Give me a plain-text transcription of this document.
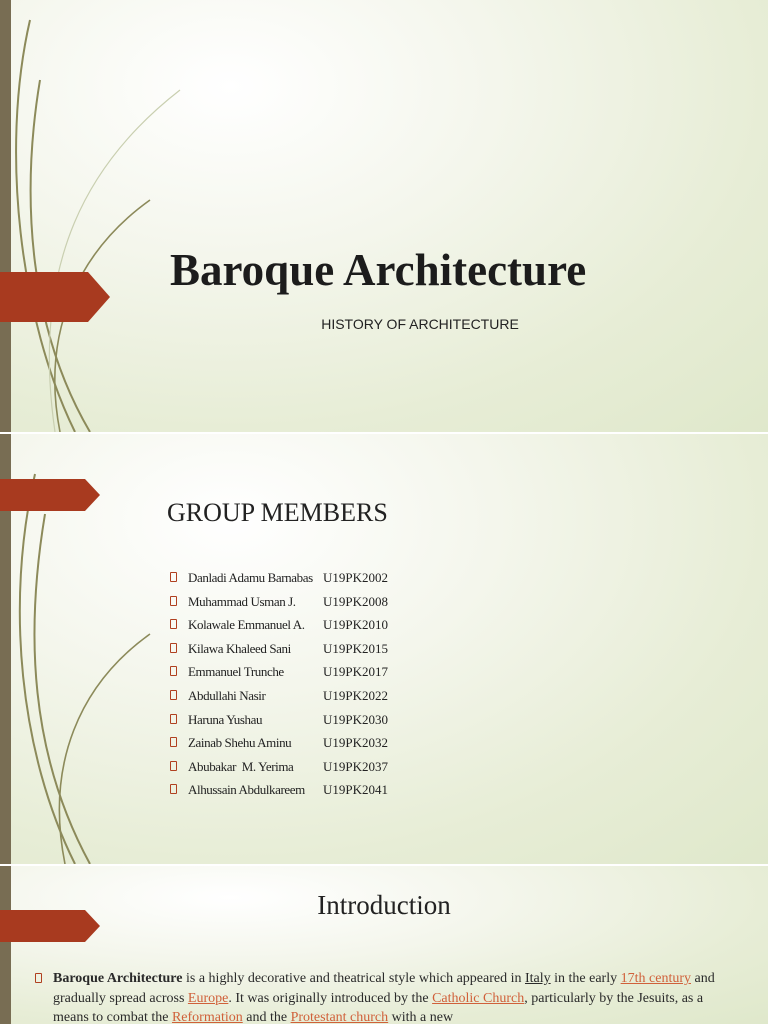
Baroque Architecture
HISTORY OF ARCHITECTURE
GROUP MEMBERS
Danladi Adamu Barnabas U19PK2002
Muhammad Usman J. U19PK2008
Kolawale Emmanuel A. U19PK2010
Kilawa Khaleed Sani U19PK2015
Emmanuel Trunche	U19PK2017
Abdullahi Nasir	U19PK2022
Haruna Yushau	U19PK2030
Zainab Shehu Aminu U19PK2032
Abubakar  M. Yerima U19PK2037
Alhussain Abdulkareem U19PK2041
Introduction

Baroque Architecture is a highly decorative and theatrical style which appeared in Italy in the early 17th century and gradually spread across Europe. It was originally introduced by the Catholic Church, particularly by the Jesuits, as a means to combat the Reformation and the Protestant church with a new
